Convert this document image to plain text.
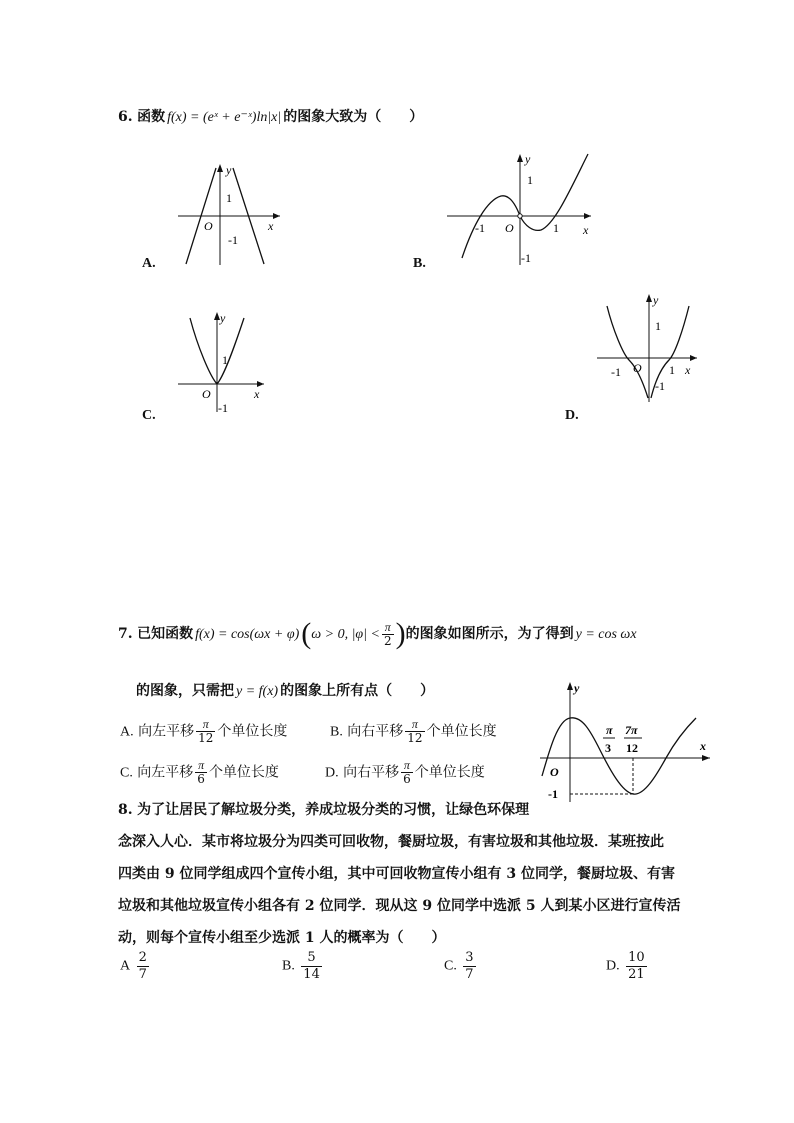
6. 函数 f(x) = (eˣ + e⁻ˣ)ln|x| 的图象大致为（　　）
y
1
O
-1
x
A.
y
1
-1 O	1 x
-1
B.
y
1
O	x
-1
C.
y
1
-1 O 1 x
-1
D.
7. 已知函数 f(x) = cos(ωx + φ)(ω > 0, $|\varphi| < \frac{\pi}{2}$ )的图象如图所示，为了得到 y = cos ωx
的图象，只需把 y = f(x) 的图象上所有点（　　）
A. 向左平移 $\frac{\pi}{12}$ 个单位长度	B. 向右平移 $\frac{\pi}{12}$ 个单位长度
C. 向左平移 $\frac{\pi}{6}$ 个单位长度	D. 向右平移 $\frac{\pi}{6}$ 个单位长度
y
x
O
-1
π
3
7π
12
8. 为了让居民了解垃圾分类，养成垃圾分类的习惯，让绿色环保理
念深入人心．某市将垃圾分为四类可回收物，餐厨垃圾，有害垃圾和其他垃圾．某班按此
四类由 9 位同学组成四个宣传小组，其中可回收物宣传小组有 3 位同学，餐厨垃圾、有害
垃圾和其他垃圾宣传小组各有 2 位同学．现从这 9 位同学中选派 5 人到某小区进行宣传活
动，则每个宣传小组至少选派 1 人的概率为（　　）
A $\frac{2}{7}$	B. $\frac{5}{14}$	C. $\frac{3}{7}$	D. $\frac{10}{21}$
